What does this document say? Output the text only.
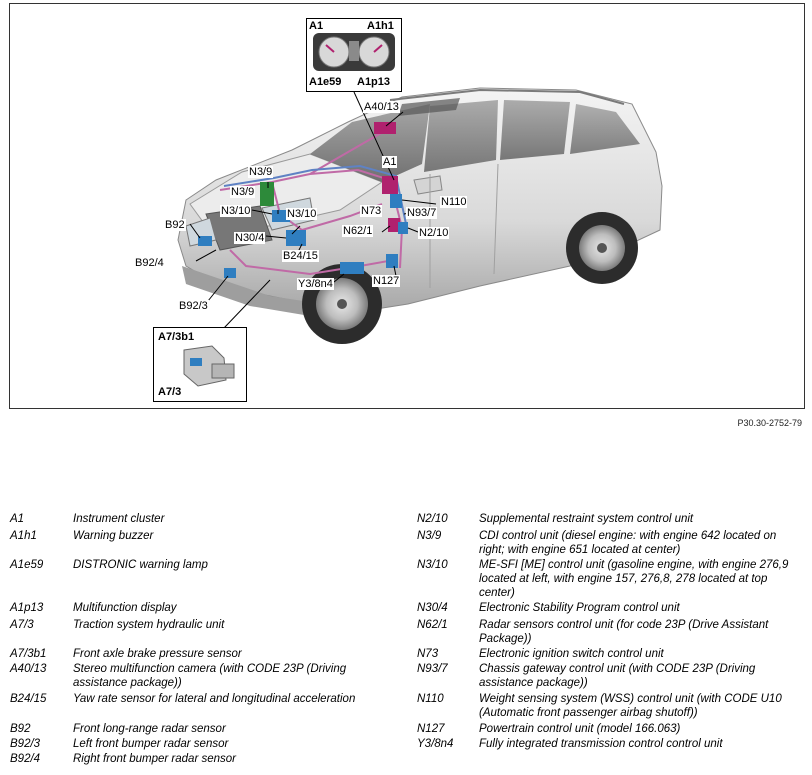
A40/13
A1
N3/9
N3/9
N3/10	N3/10	N73 N93/7
N110
B92
N30/4
N62/1	N2/10
B92/4
B24/15
Y3/8n4	N127
B92/3
A1	A1h1
A1e59 A1p13
A7/3b1
A7/3
P30.30-2752-79
A1	Instrument cluster
A1h1	Warning buzzer
A1e59	DISTRONIC warning lamp
A1p13	Multifunction display
A7/3	Traction system hydraulic unit
A7/3b1 Front axle brake pressure sensor
A40/13 Stereo multifunction camera (with CODE 23P (Driving assistance package))
B24/15 Yaw rate sensor for lateral and longitudinal acceleration
B92	Front long-range radar sensor
B92/3	Left front bumper radar sensor
B92/4	Right front bumper radar sensor
N2/10	Supplemental restraint system control unit
N3/9	CDI control unit (diesel engine: with engine 642 located on right; with engine 651 located at center)
N3/10	ME-SFI [ME] control unit (gasoline engine, with engine 276,9 located at left, with engine 157, 276,8, 278 located at top center)
N30/4	Electronic Stability Program control unit
N62/1	Radar sensors control unit (for code 23P (Drive Assistant Package))
N73	Electronic ignition switch control unit
N93/7	Chassis gateway control unit (with CODE 23P (Driving assistance package))
N110	Weight sensing system (WSS) control unit (with CODE U10 (Automatic front passenger airbag shutoff))
N127	Powertrain control unit (model 166.063)
Y3/8n4 Fully integrated transmission control control unit
